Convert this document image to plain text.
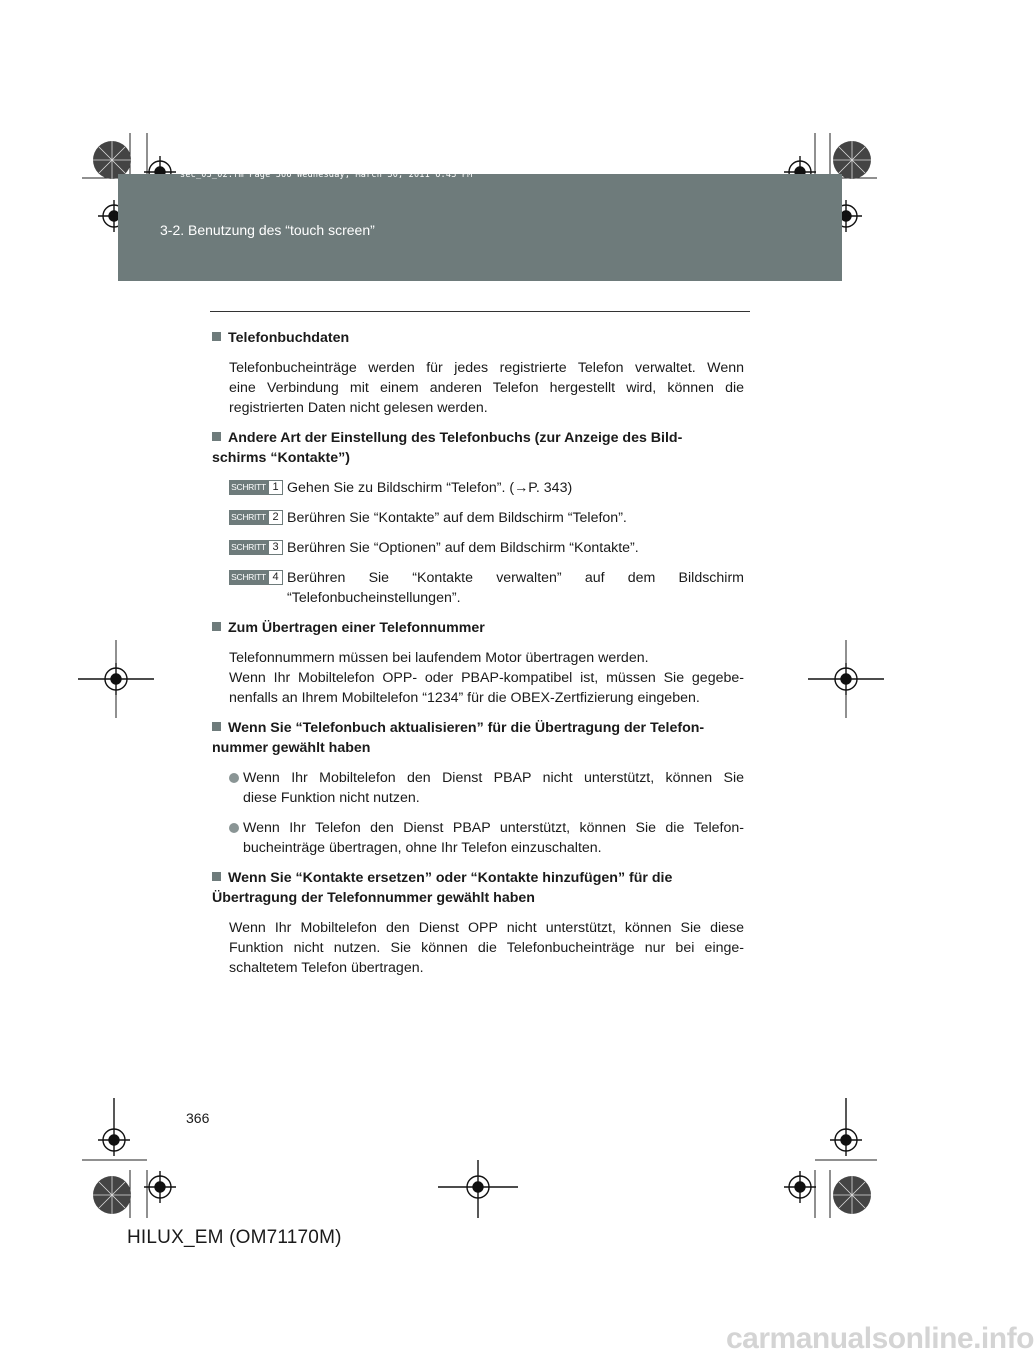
sec_03_02.fm Page 366 Wednesday, March 30, 2011 6:43 PM
3-2. Benutzung des “touch screen”
Telefonbuchdaten
Telefonbucheinträge werden für jedes registrierte Telefon verwaltet. Wenn
eine Verbindung mit einem anderen Telefon hergestellt wird, können die
registrierten Daten nicht gelesen werden.
Andere Art der Einstellung des Telefonbuchs (zur Anzeige des Bild-
schirms “Kontakte”)
SCHRITT 1 Gehen Sie zu Bildschirm “Telefon”. (→P. 343)
SCHRITT 2 Berühren Sie “Kontakte” auf dem Bildschirm “Telefon”.
SCHRITT 3 Berühren Sie “Optionen” auf dem Bildschirm “Kontakte”.
SCHRITT 4 Berühren Sie “Kontakte verwalten” auf dem Bildschirm
“Telefonbucheinstellungen”.
Zum Übertragen einer Telefonnummer
Telefonnummern müssen bei laufendem Motor übertragen werden.
Wenn Ihr Mobiltelefon OPP- oder PBAP-kompatibel ist, müssen Sie gegebe-
nenfalls an Ihrem Mobiltelefon “1234” für die OBEX-Zertfizierung eingeben.
Wenn Sie “Telefonbuch aktualisieren” für die Übertragung der Telefon-
nummer gewählt haben
Wenn Ihr Mobiltelefon den Dienst PBAP nicht unterstützt, können Sie
diese Funktion nicht nutzen.
Wenn Ihr Telefon den Dienst PBAP unterstützt, können Sie die Telefon-
bucheinträge übertragen, ohne Ihr Telefon einzuschalten.
Wenn Sie “Kontakte ersetzen” oder “Kontakte hinzufügen” für die
Übertragung der Telefonnummer gewählt haben
Wenn Ihr Mobiltelefon den Dienst OPP nicht unterstützt, können Sie diese
Funktion nicht nutzen. Sie können die Telefonbucheinträge nur bei einge-
schaltetem Telefon übertragen.
366
HILUX_EM (OM71170M)
carmanualsonline.info
